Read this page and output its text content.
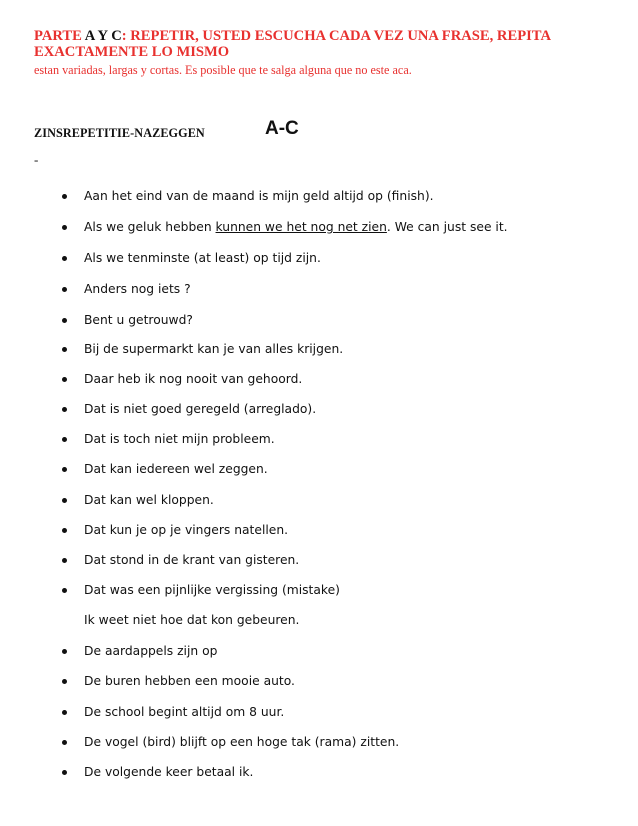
PARTE A Y C: REPETIR, USTED ESCUCHA CADA VEZ UNA FRASE, REPITA
EXACTAMENTE LO MISMO
estan variadas, largas y cortas. Es posible que te salga alguna que no este aca.
ZINSREPETITIE-NAZEGGEN	A-C
-
Aan het eind van de maand is mijn geld altijd op (finish).
Als we geluk hebben kunnen we het nog net zien. We can just see it.
Als we tenminste (at least) op tijd zijn.
Anders nog iets ?
Bent u getrouwd?
Bij de supermarkt kan je van alles krijgen.
Daar heb ik nog nooit van gehoord.
Dat is niet goed geregeld (arreglado).
Dat is toch niet mijn probleem.
Dat kan iedereen wel zeggen.
Dat kan wel kloppen.
Dat kun je op je vingers natellen.
Dat stond in de krant van gisteren.
Dat was een pijnlijke vergissing (mistake)
Ik weet niet hoe dat kon gebeuren.
De aardappels zijn op
De buren hebben een mooie auto.
De school begint altijd om 8 uur.
De vogel (bird) blijft op een hoge tak (rama) zitten.
De volgende keer betaal ik.
